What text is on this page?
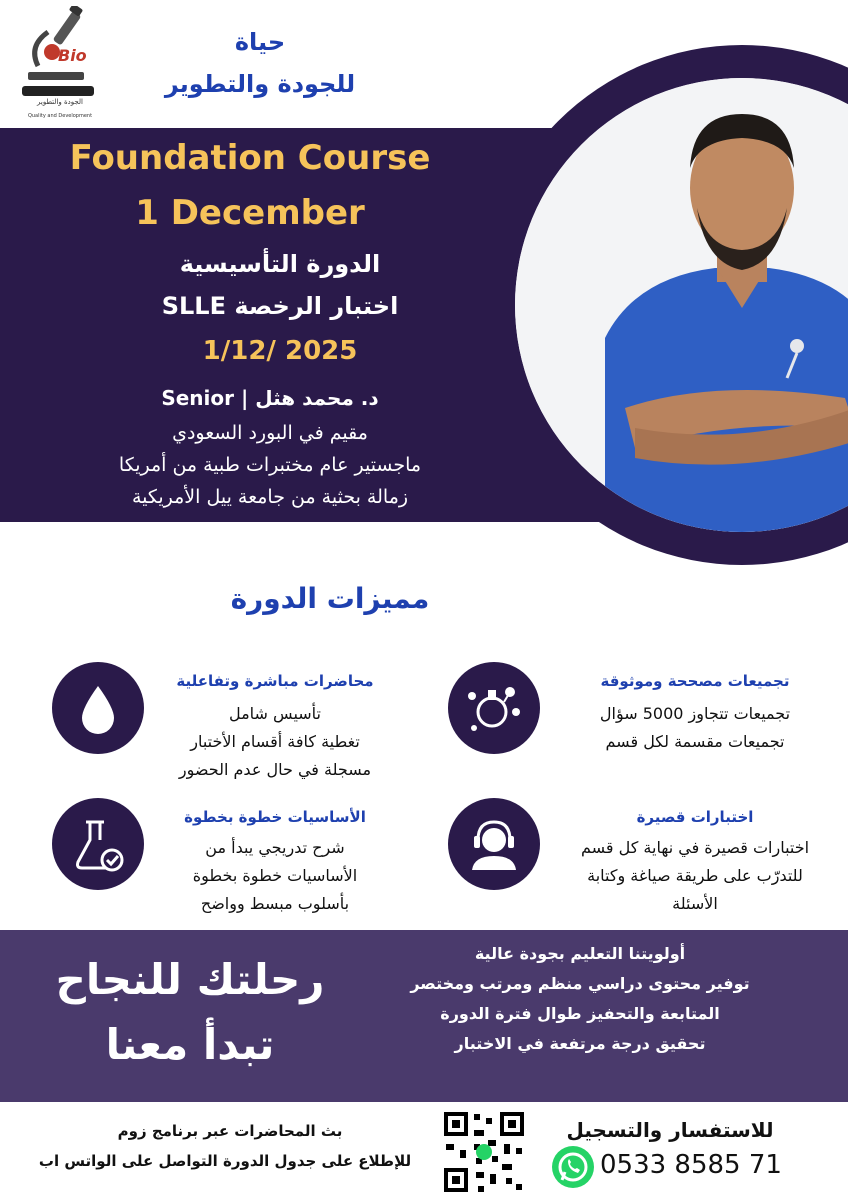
Bio
الجودة والتطوير
Quality and Development
حياة
للجودة والتطوير
Foundation Course
1 December
الدورة التأسيسية
اختبار الرخصة SLLE
1/12/ 2025
د. محمد هثل | Senior
مقيم في البورد السعودي
ماجستير عام مختبرات طبية من أمريكا
زمالة بحثية من جامعة ييل الأمريكية
مميزات الدورة
محاضرات مباشرة وتفاعلية
تأسيس شامل
تغطية كافة أقسام الأختبار
مسجلة في حال عدم الحضور
تجميعات مصححة وموثوقة
تجميعات تتجاوز 5000 سؤال
تجميعات مقسمة لكل قسم
الأساسيات خطوة بخطوة
شرح تدريجي يبدأ من
الأساسيات خطوة بخطوة
بأسلوب مبسط وواضح
اختبارات قصيرة
اختبارات قصيرة في نهاية كل قسم
للتدرّب على طريقة صياغة وكتابة
الأسئلة
رحلتك للنجاح
تبدأ معنا
أولويتنا التعليم بجودة عالية
توفير محتوى دراسي منظم ومرتب ومختصر
المتابعة والتحفيز طوال فترة الدورة
تحقيق درجة مرتفعة في الاختبار
بث المحاضرات عبر برنامج زوم
للإطلاع على جدول الدورة التواصل على الواتس اب
للاستفسار والتسجيل
0533 8585 71
